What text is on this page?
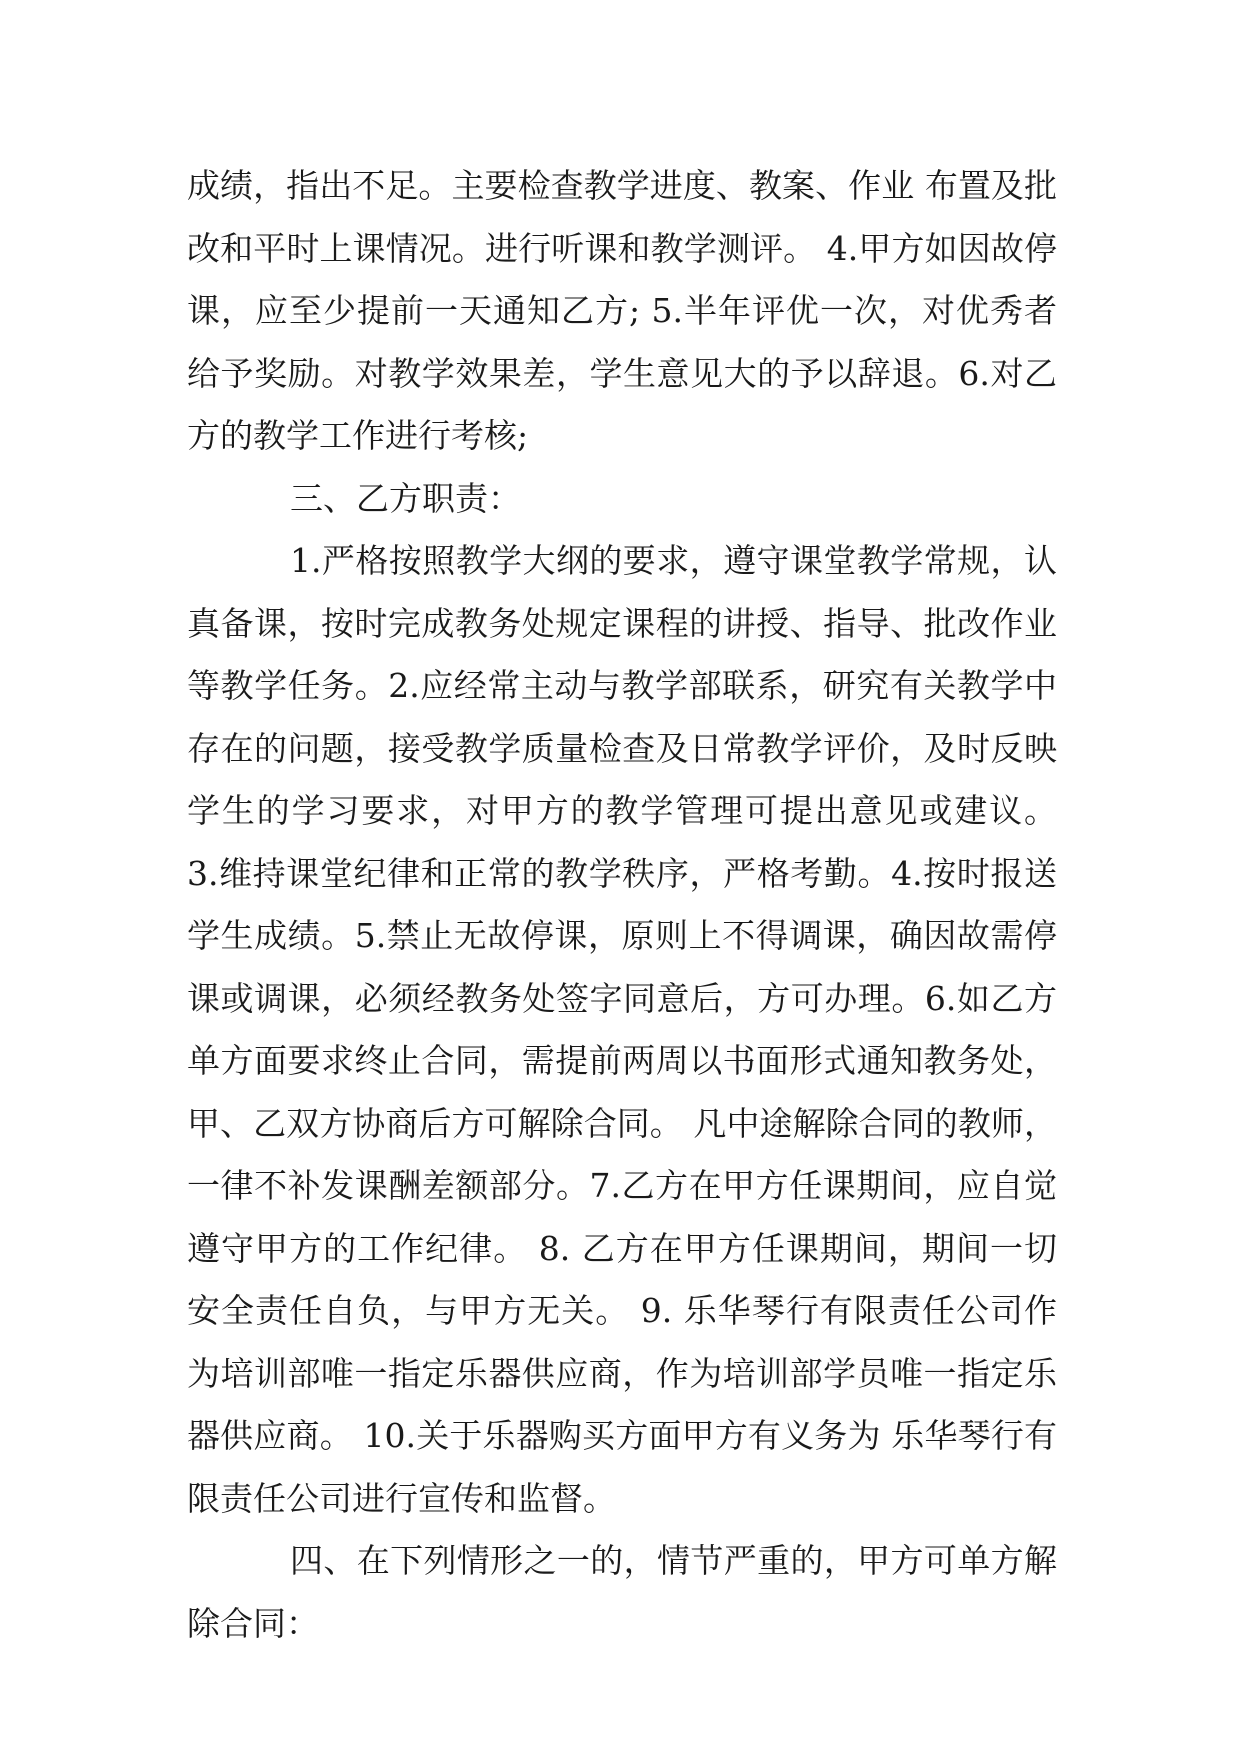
成绩，指出不足。主要检查教学进度、教案、作业 布置及批
改和平时上课情况。进行听课和教学测评。 4.甲方如因故停
课，应至少提前一天通知乙方; 5.半年评优一次，对优秀者
给予奖励。对教学效果差，学生意见大的予以辞退。6.对乙
方的教学工作进行考核;
三、乙方职责：
1.严格按照教学大纲的要求，遵守课堂教学常规，认
真备课，按时完成教务处规定课程的讲授、指导、批改作业
等教学任务。2.应经常主动与教学部联系，研究有关教学中
存在的问题，接受教学质量检查及日常教学评价，及时反映
学生的学习要求，对甲方的教学管理可提出意见或建议。
3.维持课堂纪律和正常的教学秩序，严格考勤。4.按时报送
学生成绩。5.禁止无故停课，原则上不得调课，确因故需停
课或调课，必须经教务处签字同意后，方可办理。6.如乙方
单方面要求终止合同，需提前两周以书面形式通知教务处，
甲、乙双方协商后方可解除合同。 凡中途解除合同的教师，
一律不补发课酬差额部分。7.乙方在甲方任课期间，应自觉
遵守甲方的工作纪律。 8. 乙方在甲方任课期间，期间一切
安全责任自负，与甲方无关。 9. 乐华琴行有限责任公司作
为培训部唯一指定乐器供应商，作为培训部学员唯一指定乐
器供应商。 10.关于乐器购买方面甲方有义务为 乐华琴行有
限责任公司进行宣传和监督。
四、在下列情形之一的，情节严重的，甲方可单方解
除合同：
